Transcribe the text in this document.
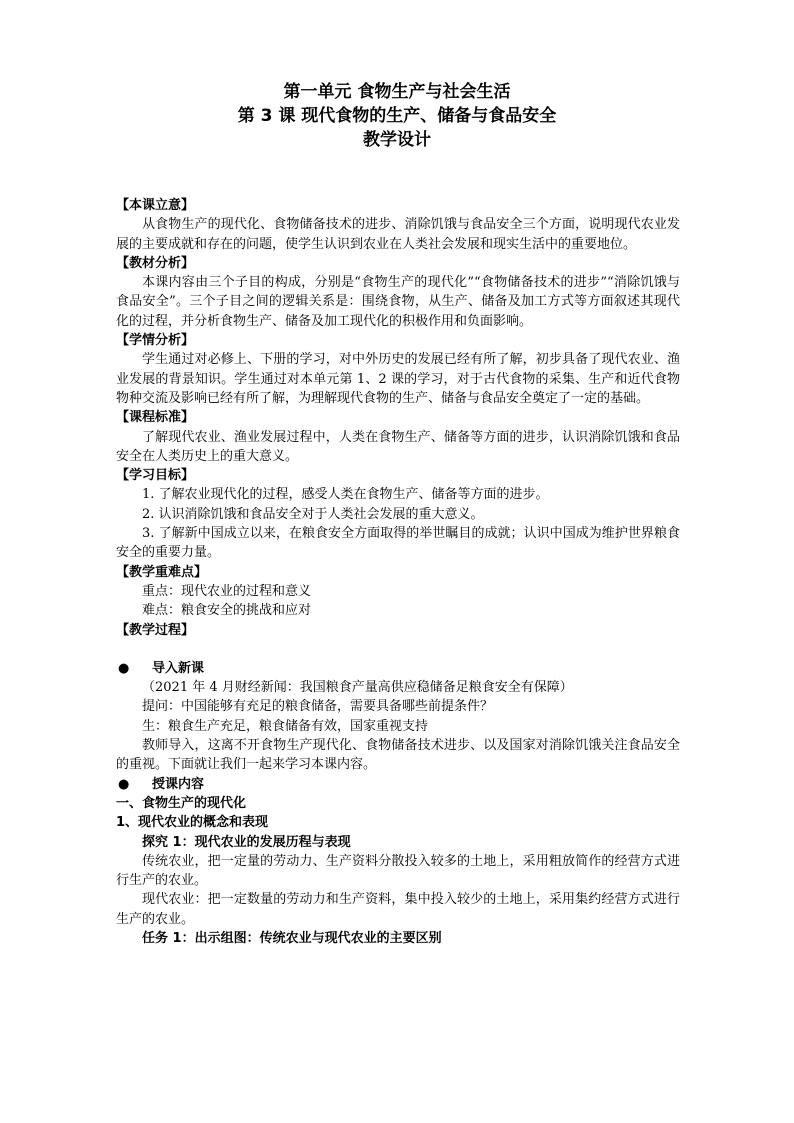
第一单元 食物生产与社会生活

第 3 课 现代食物的生产、储备与食品安全

教学设计

【本课立意】

从食物生产的现代化、食物储备技术的进步、消除饥饿与食品安全三个方面，说明现代农业发展的主要成就和存在的问题，使学生认识到农业在人类社会发展和现实生活中的重要地位。

【教材分析】

本课内容由三个子目的构成，分别是“食物生产的现代化”“食物储备技术的进步”“消除饥饿与食品安全”。三个子目之间的逻辑关系是：围绕食物，从生产、储备及加工方式等方面叙述其现代化的过程，并分析食物生产、储备及加工现代化的积极作用和负面影响。

【学情分析】

学生通过对必修上、下册的学习，对中外历史的发展已经有所了解，初步具备了现代农业、渔业发展的背景知识。学生通过对本单元第 1、2 课的学习，对于古代食物的采集、生产和近代食物物种交流及影响已经有所了解，为理解现代食物的生产、储备与食品安全奠定了一定的基础。

【课程标准】

了解现代农业、渔业发展过程中，人类在食物生产、储备等方面的进步，认识消除饥饿和食品安全在人类历史上的重大意义。

【学习目标】

1. 了解农业现代化的过程，感受人类在食物生产、储备等方面的进步。

2. 认识消除饥饿和食品安全对于人类社会发展的重大意义。

3. 了解新中国成立以来，在粮食安全方面取得的举世瞩目的成就；认识中国成为维护世界粮食安全的重要力量。

【教学重难点】

重点：现代农业的过程和意义

难点：粮食安全的挑战和应对

【教学过程】

●	导入新课

（2021 年 4 月财经新闻：我国粮食产量高供应稳储备足粮食安全有保障）

提问：中国能够有充足的粮食储备，需要具备哪些前提条件？

生：粮食生产充足，粮食储备有效，国家重视支持

教师导入，这离不开食物生产现代化、食物储备技术进步、以及国家对消除饥饿关注食品安全的重视。下面就让我们一起来学习本课内容。

●	授课内容

一、食物生产的现代化

1、现代农业的概念和表现

探究 1：现代农业的发展历程与表现

传统农业，把一定量的劳动力、生产资料分散投入较多的土地上，采用粗放简作的经营方式进行生产的农业。

现代农业：把一定数量的劳动力和生产资料，集中投入较少的土地上，采用集约经营方式进行生产的农业。

任务 1：出示组图：传统农业与现代农业的主要区别
